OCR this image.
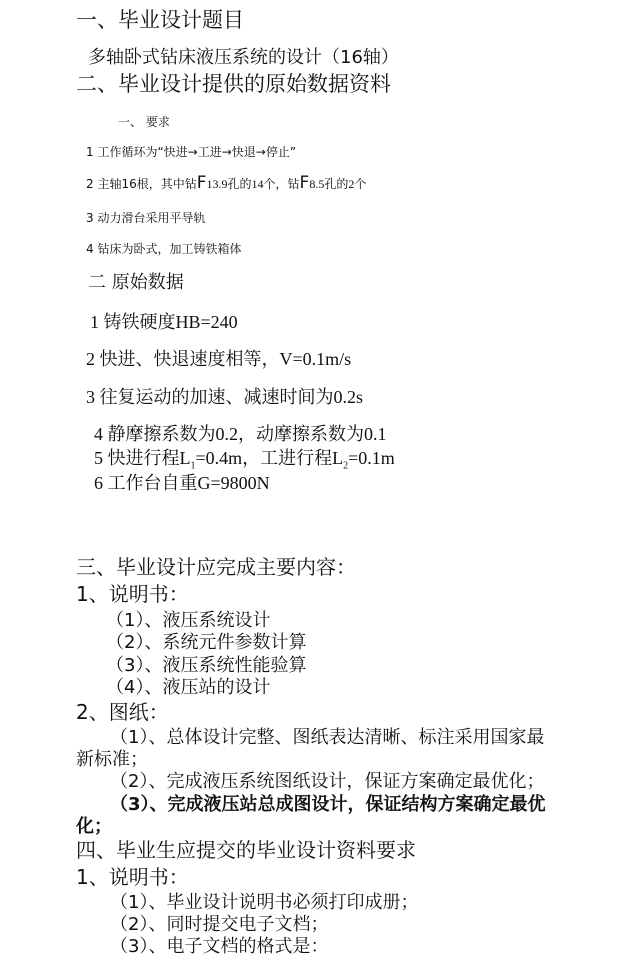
一、毕业设计题目
多轴卧式钻床液压系统的设计（16轴）
二、毕业设计提供的原始数据资料
一、 要求
1 工作循环为“快进→工进→快退→停止”
2 主轴16根，其中钻F13.9孔的14个，钻F8.5孔的2个
3 动力滑台采用平导轨
4 钻床为卧式，加工铸铁箱体
二 原始数据
1 铸铁硬度HB=240
2 快进、快退速度相等，V=0.1m/s
3 往复运动的加速、减速时间为0.2s
4 静摩擦系数为0.2，动摩擦系数为0.1
5 快进行程$L_1=0.4m$，工进行程$L_2=0.1m$
6 工作台自重G=9800N
三、毕业设计应完成主要内容：
1、说明书：
（1）、液压系统设计
（2）、系统元件参数计算
（3）、液压系统性能验算
（4）、液压站的设计
2、图纸：
（1）、总体设计完整、图纸表达清晰、标注采用国家最
新标准；
（2）、完成液压系统图纸设计，保证方案确定最优化；
（3）、完成液压站总成图设计，保证结构方案确定最优
化；
四、毕业生应提交的毕业设计资料要求
1、说明书：
（1）、毕业设计说明书必须打印成册；
（2）、同时提交电子文档；
（3）、电子文档的格式是：
